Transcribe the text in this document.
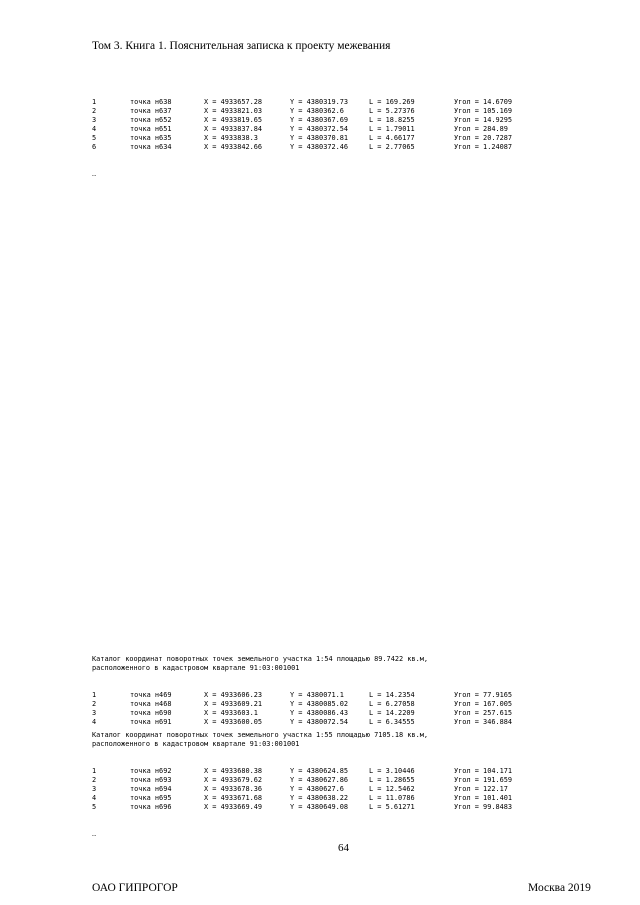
Том 3. Книга 1. Пояснительная записка к проекту межевания

1	точка н638	X = 4933657.28	Y = 4380319.73	L = 169.269	Угол = 14.6709
2	точка н637	X = 4933821.03	Y = 4380362.6	L = 5.27376	Угол = 105.169
3	точка н652	X = 4933819.65	Y = 4380367.69	L = 18.8255	Угол = 14.9295
4	точка н651	X = 4933837.84	Y = 4380372.54	L = 1.79011	Угол = 284.89
5	точка н635	X = 4933838.3	Y = 4380370.81	L = 4.66177	Угол = 20.7287
6	точка н634	X = 4933842.66	Y = 4380372.46	L = 2.77065	Угол = 1.24087

…

Каталог координат поворотных точек земельного участка 1:54 площадью 89.7422 кв.м,
расположенного в кадастровом квартале 91:03:001001

1	точка н469	X = 4933606.23	Y = 4380071.1	L = 14.2354	Угол = 77.9165
2	точка н468	X = 4933609.21	Y = 4380085.02	L = 6.27058	Угол = 167.005
3	точка н690	X = 4933603.1	Y = 4380086.43	L = 14.2209	Угол = 257.615
4	точка н691	X = 4933600.05	Y = 4380072.54	L = 6.34555	Угол = 346.884

Каталог координат поворотных точек земельного участка 1:55 площадью 7105.18 кв.м,
расположенного в кадастровом квартале 91:03:001001

1	точка н692	X = 4933680.38	Y = 4380624.85	L = 3.10446	Угол = 104.171
2	точка н693	X = 4933679.62	Y = 4380627.86	L = 1.28655	Угол = 191.659
3	точка н694	X = 4933678.36	Y = 4380627.6	L = 12.5462	Угол = 122.17
4	точка н695	X = 4933671.68	Y = 4380638.22	L = 11.0786	Угол = 101.401
5	точка н696	X = 4933669.49	Y = 4380649.08	L = 5.61271	Угол = 99.8483

…

64
ОАО ГИПРОГОР	Москва 2019
